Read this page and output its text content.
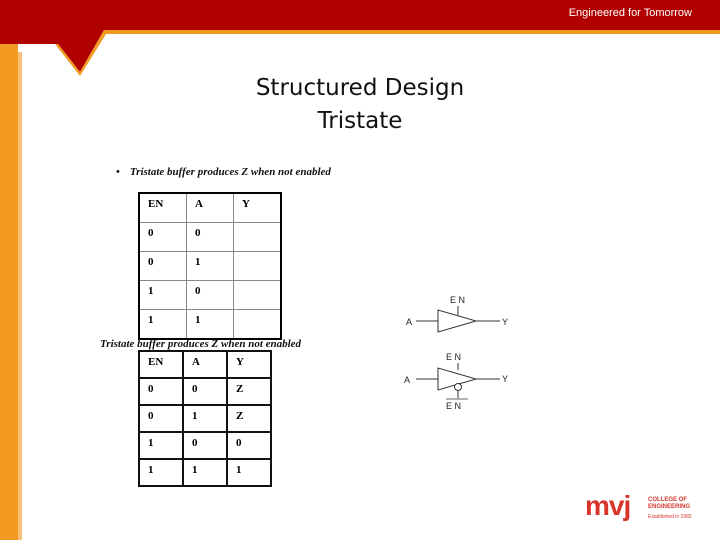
Engineered for Tomorrow
Structured Design
Tristate
• Tristate buffer produces Z when not enabled
EN	A	Y
0	0	
0	1	
1	0	
1	1	
Tristate buffer produces Z when not enabled
EN	A	Y
0	0	Z
0	1	Z
1	0	0
1	1	1
E N
A	Y
E N
A	Y
E N
mvj	COLLEGE OF
ENGINEERING
Established in 1982
